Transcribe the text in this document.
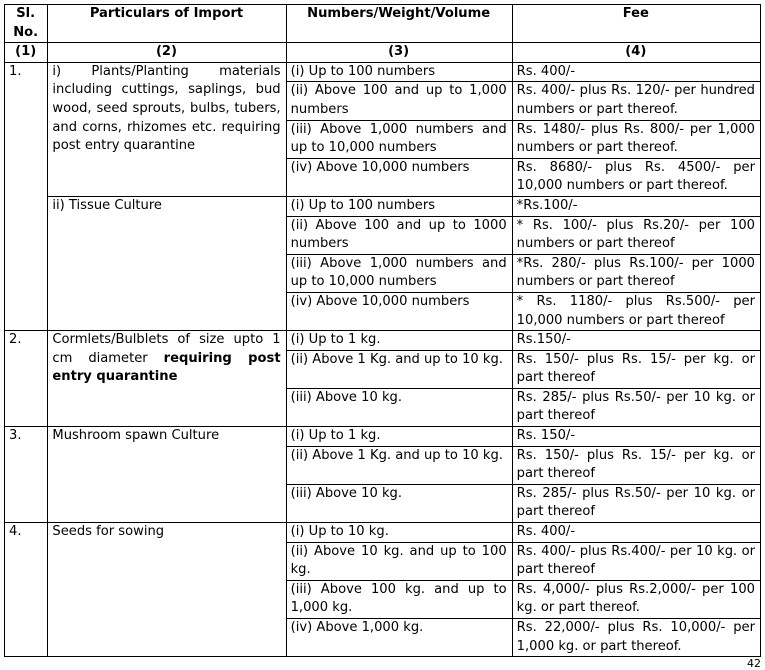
Sl. No.	Particulars of Import	Numbers/Weight/Volume	Fee
(1)	(2)	(3)	(4)
1.	i) Plants/Planting materials including cuttings, saplings, bud wood, seed sprouts, bulbs, tubers, and corns, rhizomes etc. requiring post entry quarantine	(i) Up to 100 numbers	Rs. 400/-
		(ii) Above 100 and up to 1,000 numbers	Rs. 400/- plus Rs. 120/- per hundred numbers or part thereof.
		(iii) Above 1,000 numbers and up to 10,000 numbers	Rs. 1480/- plus Rs. 800/- per 1,000 numbers or part thereof.
		(iv) Above 10,000 numbers	Rs. 8680/- plus Rs. 4500/- per 10,000 numbers or part thereof.
	ii) Tissue Culture	(i) Up to 100 numbers	*Rs.100/-
		(ii) Above 100 and up to 1000 numbers	* Rs. 100/- plus Rs.20/- per 100 numbers or part thereof
		(iii) Above 1,000 numbers and up to 10,000 numbers	*Rs. 280/- plus Rs.100/- per 1000 numbers or part thereof
		(iv) Above 10,000 numbers	* Rs. 1180/- plus Rs.500/- per 10,000 numbers or part thereof
2.	Cormlets/Bulblets of size upto 1 cm diameter requiring post entry quarantine	(i) Up to 1 kg.	Rs.150/-
		(ii) Above 1 Kg. and up to 10 kg.	Rs. 150/- plus Rs. 15/- per kg. or part thereof
		(iii) Above 10 kg.	Rs. 285/- plus Rs.50/- per 10 kg. or part thereof
3.	Mushroom spawn Culture	(i) Up to 1 kg.	Rs. 150/-
		(ii) Above 1 Kg. and up to 10 kg.	Rs. 150/- plus Rs. 15/- per kg. or part thereof
		(iii) Above 10 kg.	Rs. 285/- plus Rs.50/- per 10 kg. or part thereof
4.	Seeds for sowing	(i) Up to 10 kg.	Rs. 400/-
		(ii) Above 10 kg. and up to 100 kg.	Rs. 400/- plus Rs.400/- per 10 kg. or part thereof
		(iii) Above 100 kg. and up to 1,000 kg.	Rs. 4,000/- plus Rs.2,000/- per 100 kg. or part thereof.
		(iv) Above 1,000 kg.	Rs. 22,000/- plus Rs. 10,000/- per 1,000 kg. or part thereof.
42
